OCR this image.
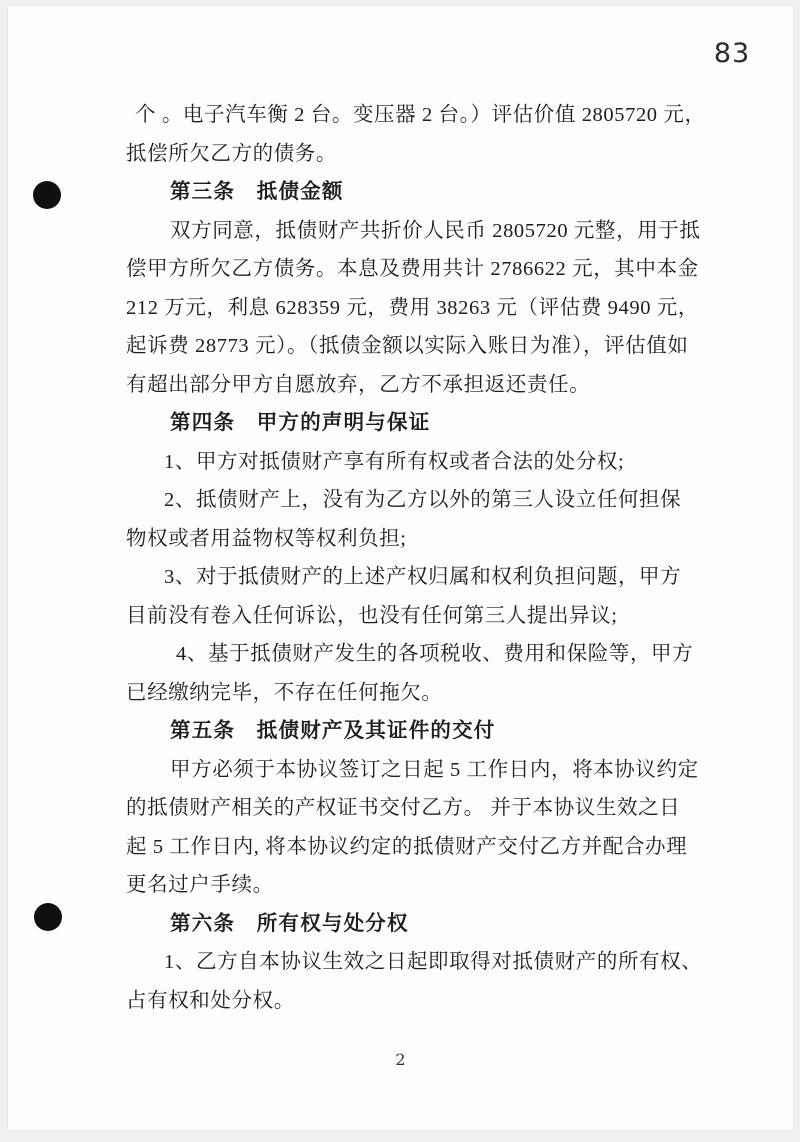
83
个 。电子汽车衡 2 台。变压器 2 台。）评估价值 2805720 元，
抵偿所欠乙方的债务。
第三条　抵债金额
双方同意，抵债财产共折价人民币 2805720 元整，用于抵
偿甲方所欠乙方债务。本息及费用共计 2786622 元，其中本金
212 万元，利息 628359 元，费用 38263 元（评估费 9490 元，
起诉费 28773 元）。（抵债金额以实际入账日为准），评估值如
有超出部分甲方自愿放弃，乙方不承担返还责任。
第四条　甲方的声明与保证
1、甲方对抵债财产享有所有权或者合法的处分权;
2、抵债财产上，没有为乙方以外的第三人设立任何担保
物权或者用益物权等权利负担;
3、对于抵债财产的上述产权归属和权利负担问题，甲方
目前没有卷入任何诉讼，也没有任何第三人提出异议;
4、基于抵债财产发生的各项税收、费用和保险等，甲方
已经缴纳完毕，不存在任何拖欠。
第五条　抵债财产及其证件的交付
甲方必须于本协议签订之日起 5 工作日内，将本协议约定
的抵债财产相关的产权证书交付乙方。 并于本协议生效之日
起 5 工作日内, 将本协议约定的抵债财产交付乙方并配合办理
更名过户手续。
第六条　所有权与处分权
1、乙方自本协议生效之日起即取得对抵债财产的所有权、
占有权和处分权。
2
